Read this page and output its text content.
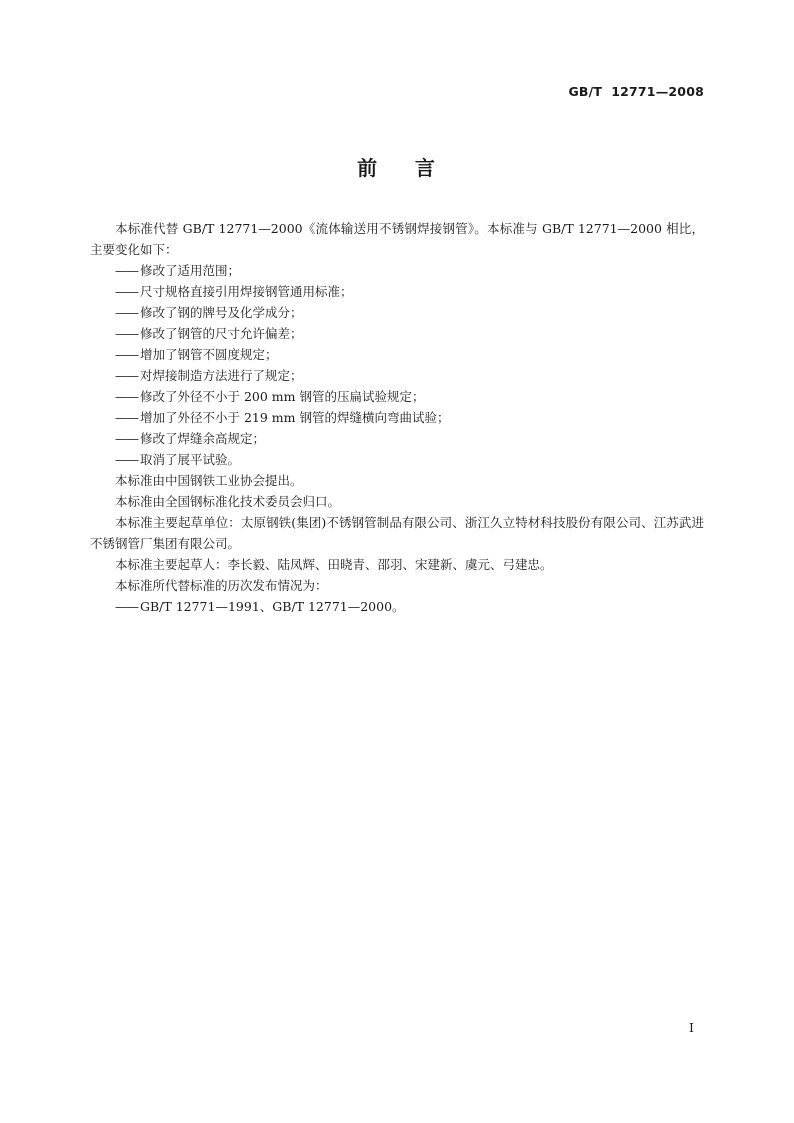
GB/T  12771—2008
前    言

本标准代替 GB/T 12771—2000《流体输送用不锈钢焊接钢管》。本标准与 GB/T 12771—2000 相比，主要变化如下：

—— 修改了适用范围；

—— 尺寸规格直接引用焊接钢管通用标准；

—— 修改了钢的牌号及化学成分；

—— 修改了钢管的尺寸允许偏差；

—— 增加了钢管不圆度规定；

—— 对焊接制造方法进行了规定；

—— 修改了外径不小于 200 mm 钢管的压扁试验规定；

—— 增加了外径不小于 219 mm 钢管的焊缝横向弯曲试验；

—— 修改了焊缝余高规定；

—— 取消了展平试验。

本标准由中国钢铁工业协会提出。

本标准由全国钢标准化技术委员会归口。

本标准主要起草单位：太原钢铁(集团)不锈钢管制品有限公司、浙江久立特材科技股份有限公司、江苏武进不锈钢管厂集团有限公司。

本标准主要起草人：李长毅、陆凤辉、田晓青、邵羽、宋建新、虞元、弓建忠。

本标准所代替标准的历次发布情况为：

—— GB/T 12771—1991、GB/T 12771—2000。

I
